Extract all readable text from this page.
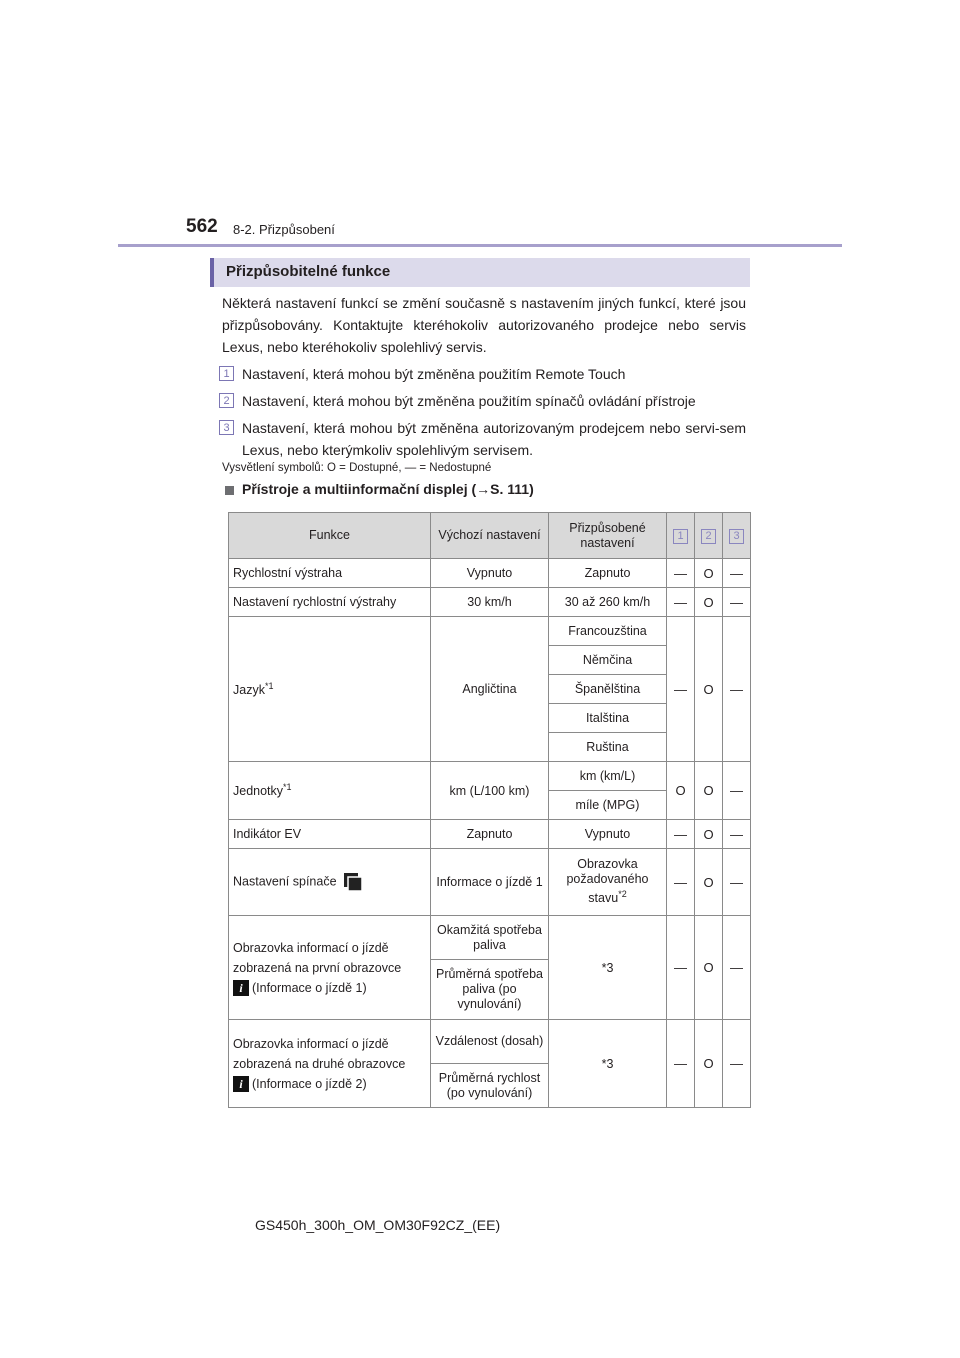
562 8-2. Přizpůsobení
Přizpůsobitelné funkce
Některá nastavení funkcí se změní současně s nastavením jiných funkcí, které jsou přizpůsobovány. Kontaktujte kteréhokoliv autorizovaného prodejce nebo servis Lexus, nebo kteréhokoliv spolehlivý servis.
1 Nastavení, která mohou být změněna použitím Remote Touch
2 Nastavení, která mohou být změněna použitím spínačů ovládání přístroje
3 Nastavení, která mohou být změněna autorizovaným prodejcem nebo servi-sem Lexus, nebo kterýmkoliv spolehlivým servisem.
Vysvětlení symbolů: O = Dostupné, — = Nedostupné
Přístroje a multiinformační displej (→S. 111)
Funkce	Výchozí nastavení	Přizpůsobené nastavení	1	2	3
Rychlostní výstraha	Vypnuto	Zapnuto	—	O	—
Nastavení rychlostní výstrahy	30 km/h	30 až 260 km/h	—	O	—
Jazyk$^{*1}$	Angličtina	Francouzština	—	O	—
		Němčina			
		Španělština			
		Italština			
		Ruština			
Jednotky$^{*1}$	km (L/100 km)	km (km/L)	O	O	—
		míle (MPG)			
Indikátor EV	Zapnuto	Vypnuto	—	O	—
Nastavení spínače	Informace o jízdě 1	Obrazovka požadovaného stavu$^{*2}$	—	O	—

Obrazovka informací o jízdě
zobrazená na první obrazovce
i (Informace o jízdě 1)	Okamžitá spotřeba paliva	*3	—	O	—
	Průměrná spotřeba paliva (po vynulování)				

Obrazovka informací o jízdě
zobrazená na druhé obrazovce
i (Informace o jízdě 2)	Vzdálenost (dosah)	*3	—	O	—
	Průměrná rychlost (po vynulování)				
GS450h_300h_OM_OM30F92CZ_(EE)
